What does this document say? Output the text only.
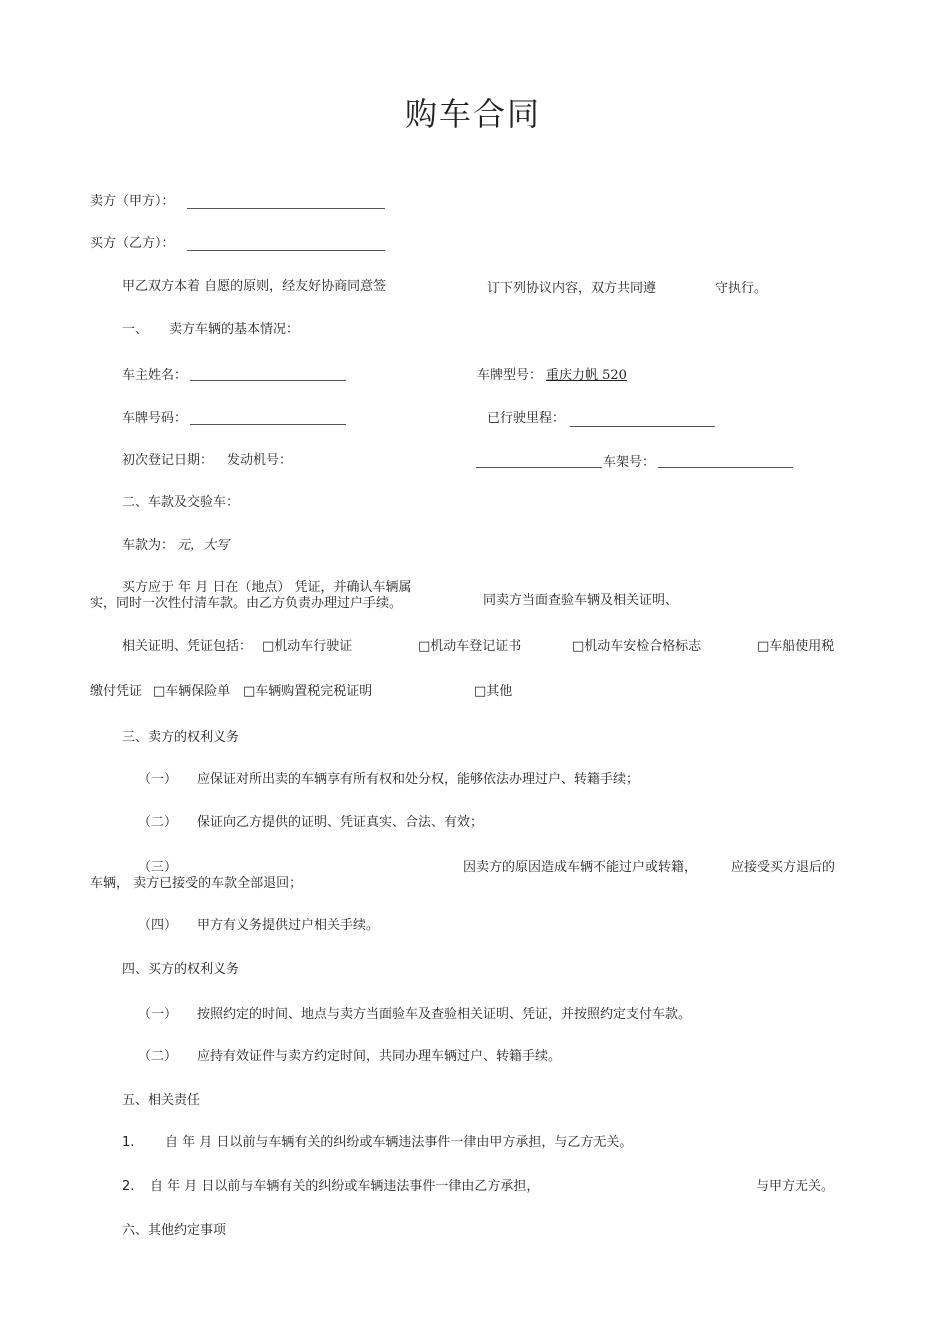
购车合同
卖方（甲方）：
买方（乙方）：
甲乙双方本着 自愿的原则，经友好协商同意签	订下列协议内容，双方共同遵	守执行。
一、 卖方车辆的基本情况：
车主姓名：	车牌型号： 重庆力帆 520
车牌号码：	已行驶里程：
初次登记日期： 发动机号：	车架号：
二、车款及交验车：
车款为： 元，大写
买方应于 年 月 日在（地点） 凭证，并确认车辆属
实，同时一次性付清车款。由乙方负责办理过户手续。	同卖方当面查验车辆及相关证明、
相关证明、凭证包括： □机动车行驶证	□机动车登记证书	□机动车安检合格标志	□车船使用税
缴付凭证 □车辆保险单 □车辆购置税完税证明	□其他
三、卖方的权利义务
（一） 应保证对所出卖的车辆享有所有权和处分权，能够依法办理过户、转籍手续；
（二） 保证向乙方提供的证明、凭证真实、合法、有效；
（三）	因卖方的原因造成车辆不能过户或转籍，	应接受买方退后的
车辆， 卖方已接受的车款全部退回；
（四） 甲方有义务提供过户相关手续。
四、买方的权利义务
（一） 按照约定的时间、地点与卖方当面验车及查验相关证明、凭证，并按照约定支付车款。
（二） 应持有效证件与卖方约定时间，共同办理车辆过户、转籍手续。
五、相关责任
1. 自 年 月 日以前与车辆有关的纠纷或车辆违法事件一律由甲方承担，与乙方无关。
2. 自 年 月 日以前与车辆有关的纠纷或车辆违法事件一律由乙方承担，	与甲方无关。
六、其他约定事项
